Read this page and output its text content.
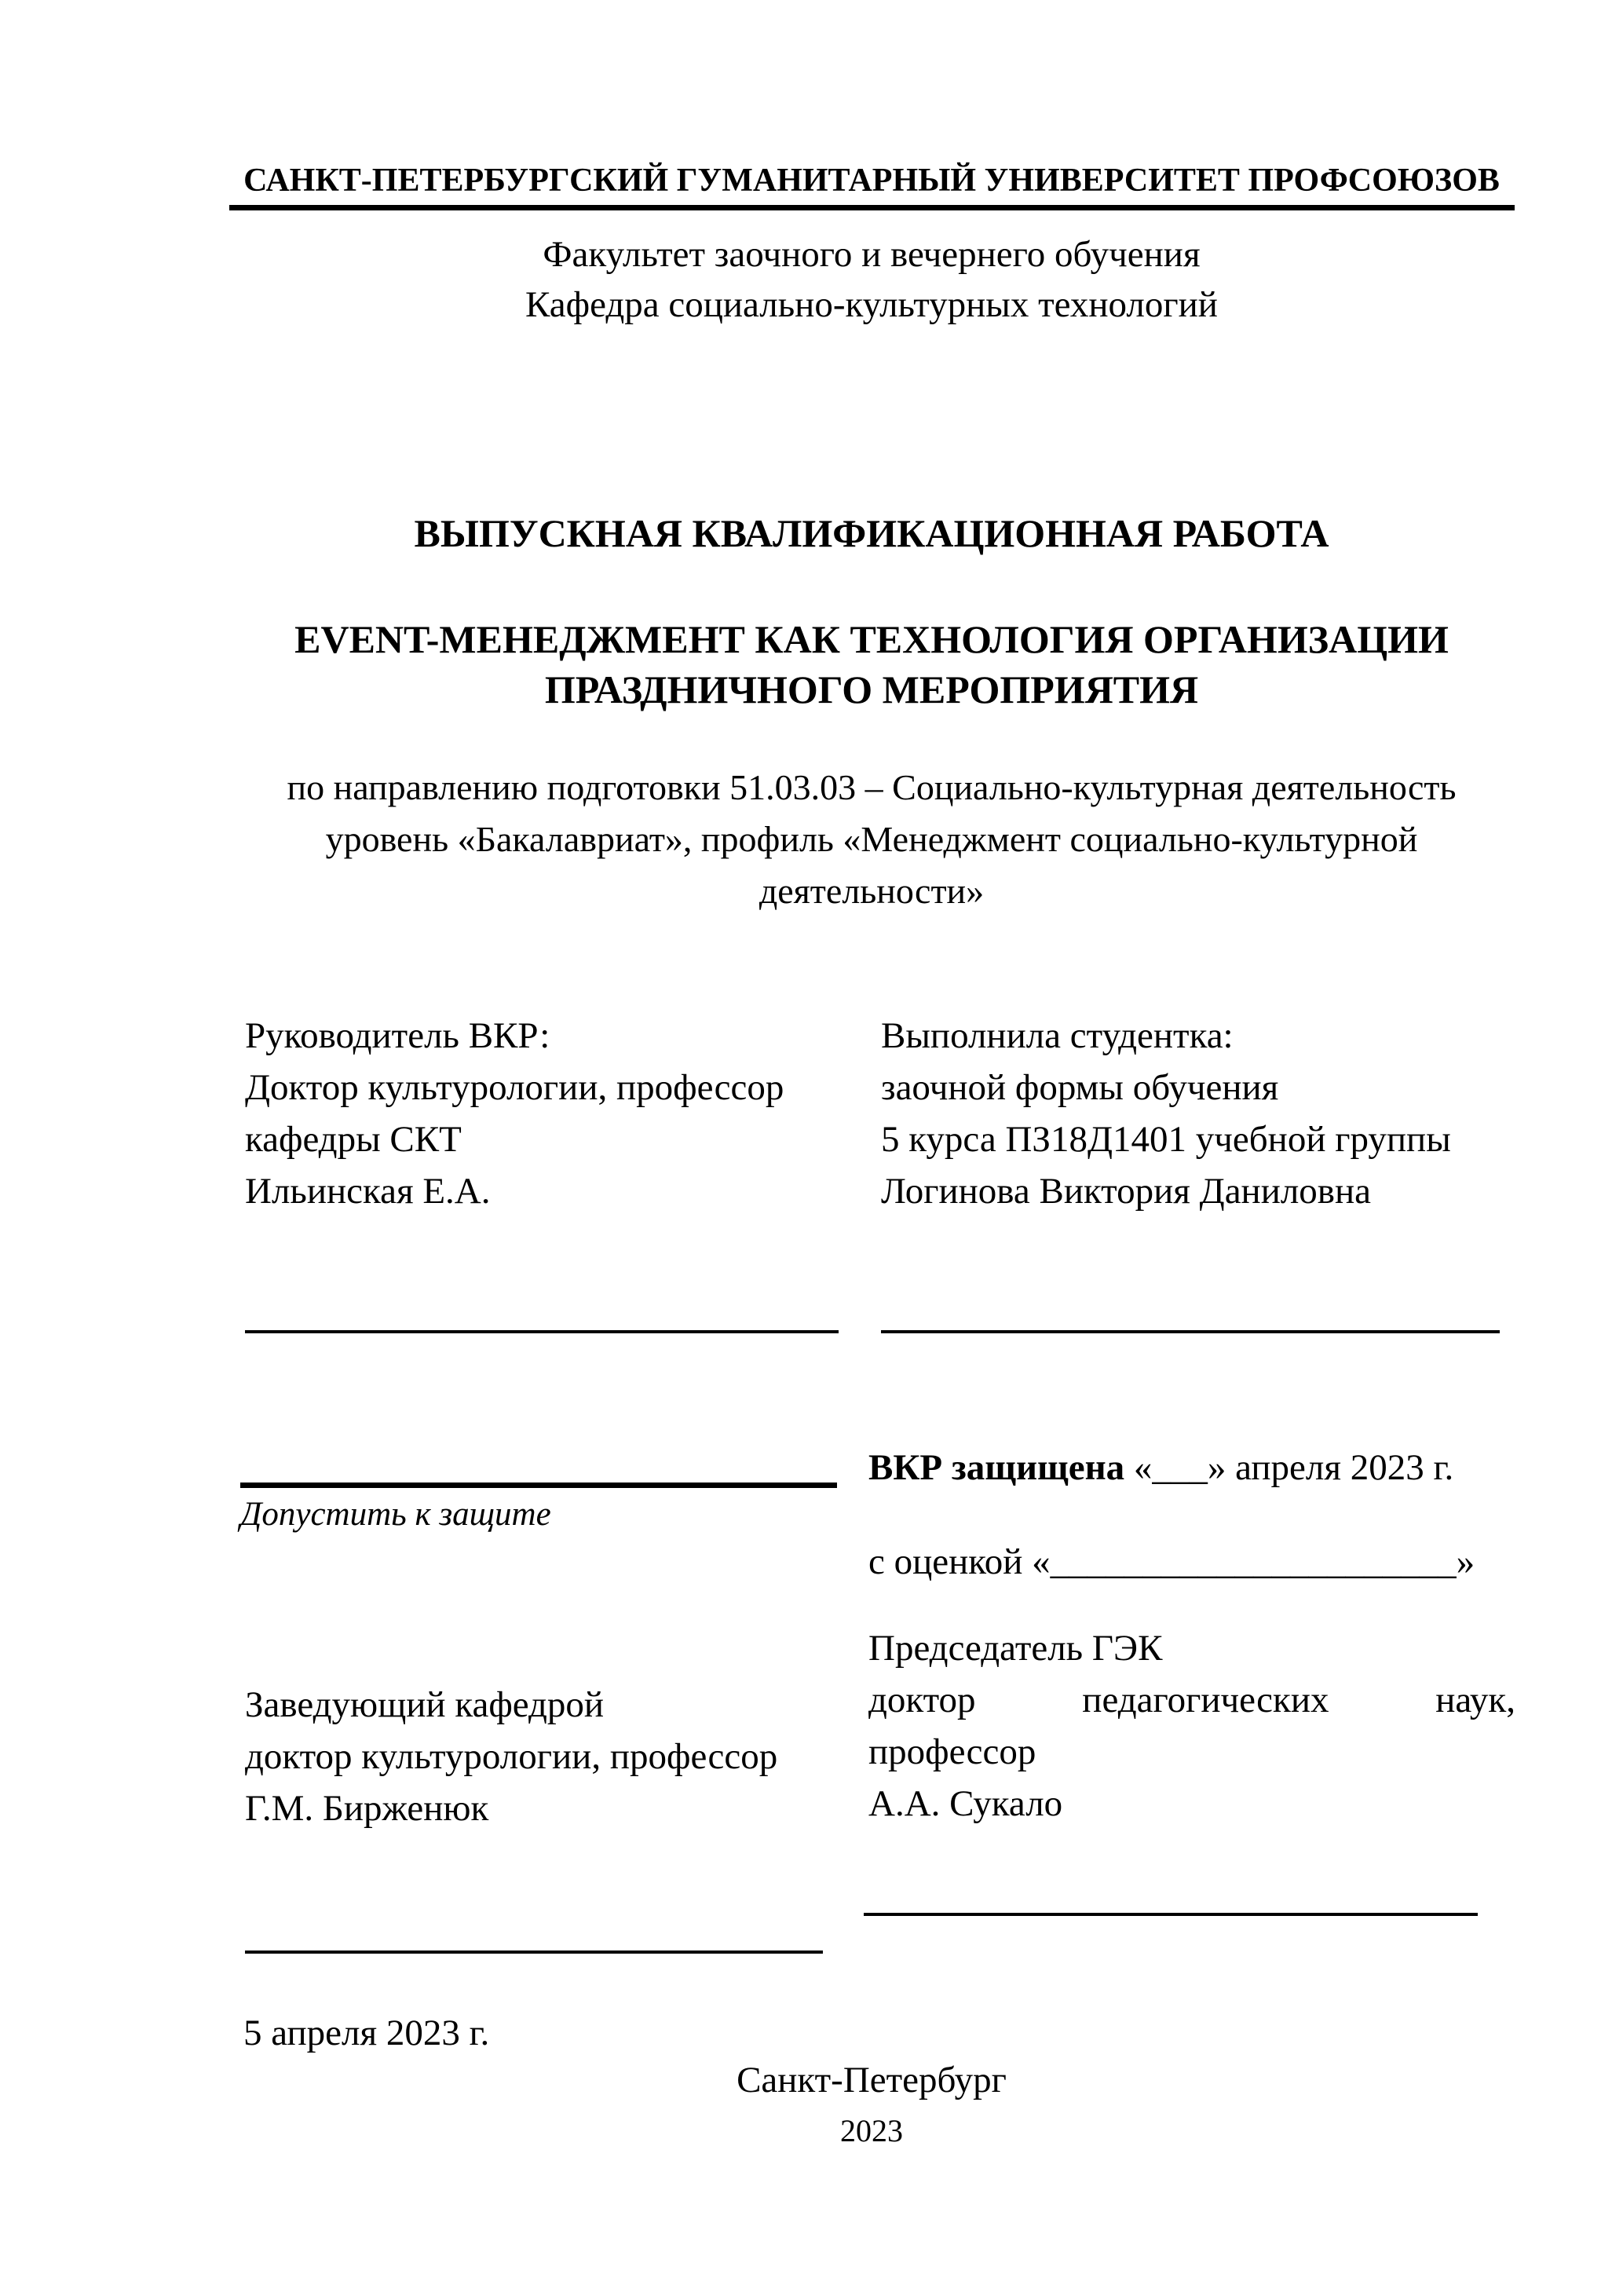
САНКТ-ПЕТЕРБУРГСКИЙ ГУМАНИТАРНЫЙ УНИВЕРСИТЕТ ПРОФСОЮЗОВ
Факультет заочного и вечернего обучения
Кафедра социально-культурных технологий
ВЫПУСКНАЯ КВАЛИФИКАЦИОННАЯ РАБОТА
EVENT-МЕНЕДЖМЕНТ КАК ТЕХНОЛОГИЯ ОРГАНИЗАЦИИ
ПРАЗДНИЧНОГО МЕРОПРИЯТИЯ
по направлению подготовки 51.03.03 – Социально-культурная деятельность
уровень «Бакалавриат», профиль «Менеджмент социально-культурной
деятельности»
Руководитель ВКР:
Доктор культурологии, профессор
кафедры СКТ
Ильинская Е.А.
Выполнила студентка:
заочной формы обучения
5 курса ПЗ18Д1401 учебной группы
Логинова Виктория Даниловна
ВКР защищена «___» апреля 2023 г.
Допустить к защите
с оценкой «______________________»
Председатель ГЭК
Заведующий кафедрой
доктор культурологии, профессор
Г.М. Бирженюк
доктор	педагогических	наук,
профессор
А.А. Сукало
5 апреля 2023 г.
Санкт-Петербург
2023
